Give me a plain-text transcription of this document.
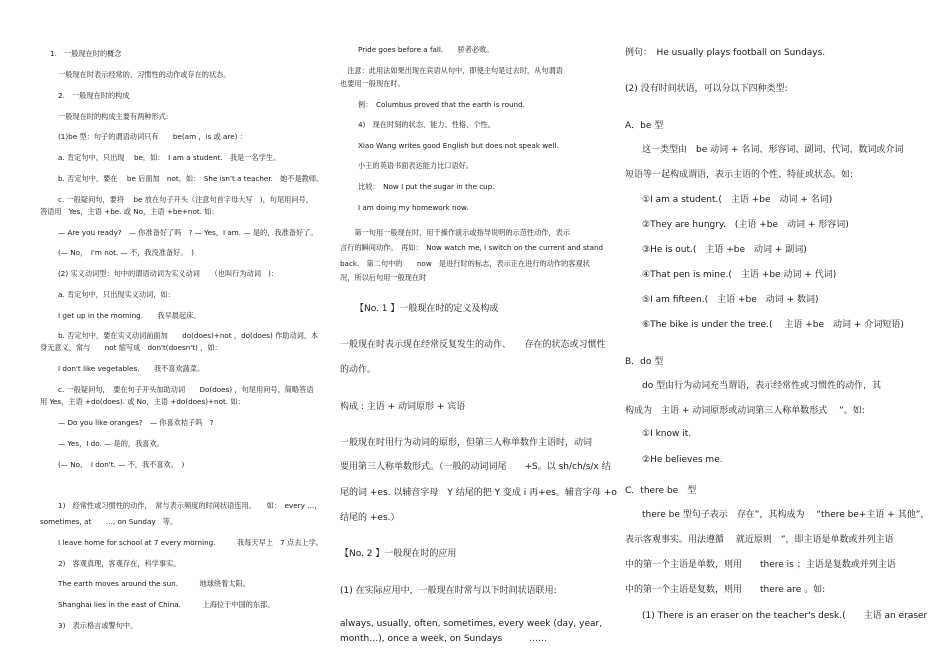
1.　一般现在时的概念
一般现在时表示经常的、习惯性的动作或存在的状态。
2.　一般现在时的构成
一般现在时的构成主要有两种形式:
(1)be 型：句子的谓语动词只有　　be(am ，is 或 are) ：
a. 肯定句中，只出现　 be。如：　I am a student.　我是一名学生。
b. 否定句中，要在　 be 后面加　not，如：　She isn't a teacher.　她不是教师。
c. 一般疑问句，要将　 be 放在句子开头（注意句首字母大写　)，句尾用问号，
答语用　Yes，主语 +be. 或 No，主语 +be+not. 如：
— Are you ready?　— 你准备好了吗　? — Yes，I am. — 是的，我准备好了。
(— No，　I'm not. — 不，我没准备好。　)
(2) 实义动词型：句中的谓语动词为实义动词　　（也叫行为动词　)：
a. 肯定句中，只出现实义动词，如：
I get up in the morning.　　我早晨起床。
b. 否定句中，要在实义动词前面加　　do(does)+not ，do(does) 作助动词，本
身无意义，常与　　not 缩写成　don't(doesn't) ，如：
I don't like vegetables.　　我不喜欢蔬菜。
c. 一般疑问句，　要在句子开头加助动词　　Do(does) ，句尾用问号，简略答语
用 Yes，主语 +do(does). 或 No，主语 +do(does)+not. 如：
— Do you like oranges?　— 你喜欢桔子吗　?
— Yes，I do. — 是的，我喜欢。
(— No，　I don't. — 不，我不喜欢。　)
1)　经常性或习惯性的动作，　常与表示频度的时间状语连用。　　如：　every …，
sometimes, at　　…, on Sunday　等。
I leave home for school at 7 every morning.　　　我每天早上　7 点去上学。
2)　客观真理，客观存在，科学事实。
The earth moves around the sun.　　　地球绕着太阳。
Shanghai lies in the east of China.　　　上海位于中国的东部。
3)　表示格言或警句中。
Pride goes before a fall.　　骄者必败。
　注意：此用法如果出现在宾语从句中，即使主句是过去时，从句谓语
也要用一般现在时。
例：　Columbus proved that the earth is round.
4)　现在时刻的状态、能力、性格、个性。
Xiao Wang writes good English but does not speak well.
小王的英语书面表达能力比口语好。
比较：　Now I put the sugar in the cup.
I am doing my homework now.
　　第一句用一般现在时，用于操作演示或指导说明的示范性动作，表示
言行的瞬间动作。　再如：　Now watch me, I switch on the current and stand
back.　第二句中的　　now　是进行时的标志，表示正在进行的动作的客观状
况，所以后句用一般现在时
【No. 1 】一般现在时的定义及构成
一般现在时表示现在经常反复发生的动作、　　存在的状态或习惯性
的动作。
构成 : 主语 + 动词原形 + 宾语
一般现在时用行为动词的原形，但第三人称单数作主语时，动词
要用第三人称单数形式。（一般的动词词尾　　+S。以 sh/ch/s/x 结
尾的词 +es. 以辅音字母　Y 结尾的把 Y 变成 i 再+es。辅音字母 +o
结尾的 +es.）
【No. 2 】一般现在时的应用
(1) 在实际应用中，一般现在时常与以下时间状语联用:
always, usually, often, sometimes, every week (day, year,
month…), once a week, on Sundays　　　……
例句：　He usually plays football on Sundays.
(2) 没有时间状语，可以分以下四种类型:
A．be 型
　这一类型由　be 动词 + 名词、形容词、副词、代词、数词或介词
短语等一起构成谓语，表示主语的个性、特征或状态。如:
　①I am a student.(　主语 +be　动词 + 名词)
　②They are hungry.　(主语 +be　动词 + 形容词)
　③He is out.(　主语 +be　动词 + 副词)
　④That pen is mine.(　主语 +be 动词 + 代词)
　⑤I am fifteen.(　主语 +be　动词 + 数词)
　⑥The bike is under the tree.(　 主语 +be　动词 + 介词短语)
B．do 型
　do 型由行为动词充当谓语，表示经常性或习惯性的动作，其
构成为　主语 + 动词原形或动词第三人称单数形式　 ”。如:
　①I know it.
　②He believes me.
C．there be　型
　there be 型句子表示　存在”，其构成为　 “there be+主语 + 其他”，
表示客观事实。用法遵循　 就近原则　”，即主语是单数或并列主语
中的第一个主语是单数，则用　　there is ；主语是复数或并列主语
中的第一个主语是复数，则用　　there are 。如:
　(1) There is an eraser on the teacher's desk.(　　主语 an eraser
